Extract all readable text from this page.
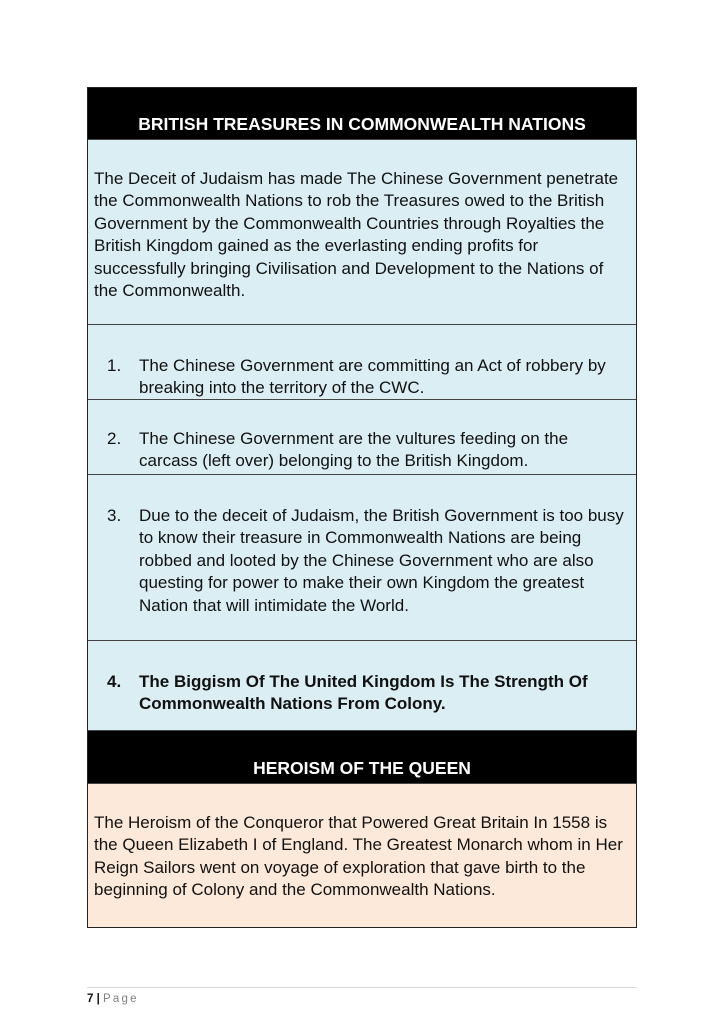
BRITISH TREASURES IN COMMONWEALTH NATIONS
The Deceit of Judaism has made The Chinese Government penetrate the Commonwealth Nations to rob the Treasures owed to the British Government by the Commonwealth Countries through Royalties the British Kingdom gained as the everlasting ending profits for successfully bringing Civilisation and Development to the Nations of the Commonwealth.
1.	The Chinese Government are committing an Act of robbery by breaking into the territory of the CWC.
2.	The Chinese Government are the vultures feeding on the carcass (left over) belonging to the British Kingdom.
3.	Due to the deceit of Judaism, the British Government is too busy to know their treasure in Commonwealth Nations are being robbed and looted by the Chinese Government who are also questing for power to make their own Kingdom the greatest Nation that will intimidate the World.
4.	The Biggism Of The United Kingdom Is The Strength Of Commonwealth Nations From Colony.
HEROISM OF THE QUEEN
The Heroism of the Conqueror that Powered Great Britain In 1558 is the Queen Elizabeth I of England. The Greatest Monarch whom in Her Reign Sailors went on voyage of exploration that gave birth to the beginning of Colony and the Commonwealth Nations.
7 | Page
